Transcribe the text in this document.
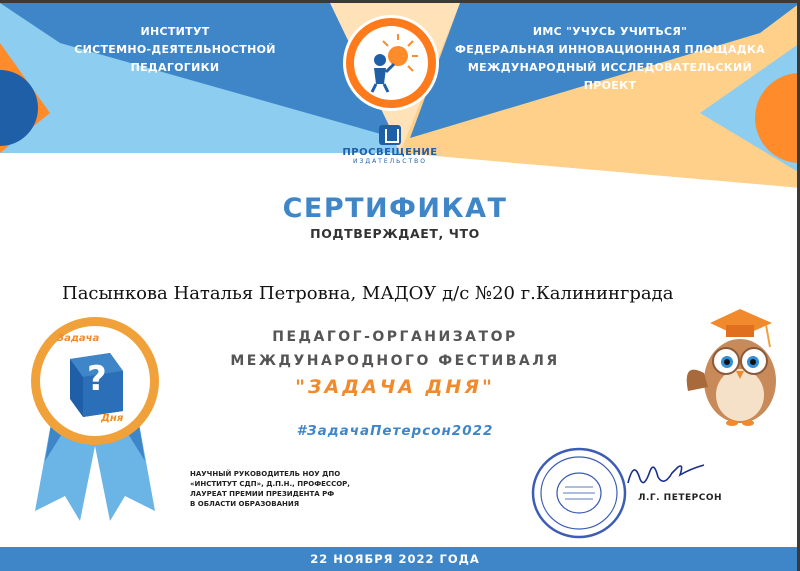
ИНСТИТУТ
СИСТЕМНО-ДЕЯТЕЛЬНОСТНОЙ
ПЕДАГОГИКИ
ИМС "УЧУСЬ УЧИТЬСЯ"
ФЕДЕРАЛЬНАЯ ИННОВАЦИОННАЯ ПЛОЩАДКА
МЕЖДУНАРОДНЫЙ ИССЛЕДОВАТЕЛЬСКИЙ ПРОЕКТ
ПРОСВЕЩЕНИЕ
ИЗДАТЕЛЬСТВО
СЕРТИФИКАТ
ПОДТВЕРЖДАЕТ, ЧТО
Пасынкова Наталья Петровна, МАДОУ д/с №20 г.Калининграда
ПЕДАГОГ-ОРГАНИЗАТОР
МЕЖДУНАРОДНОГО ФЕСТИВАЛЯ
"ЗАДАЧА ДНЯ"
#ЗадачаПетерсон2022
Задача
?
Дня
НАУЧНЫЙ РУКОВОДИТЕЛЬ НОУ ДПО
«ИНСТИТУТ СДП», Д.П.Н., ПРОФЕССОР,
ЛАУРЕАТ ПРЕМИИ ПРЕЗИДЕНТА РФ
В ОБЛАСТИ ОБРАЗОВАНИЯ
Л.Г. ПЕТЕРСОН
22 НОЯБРЯ 2022 ГОДА
